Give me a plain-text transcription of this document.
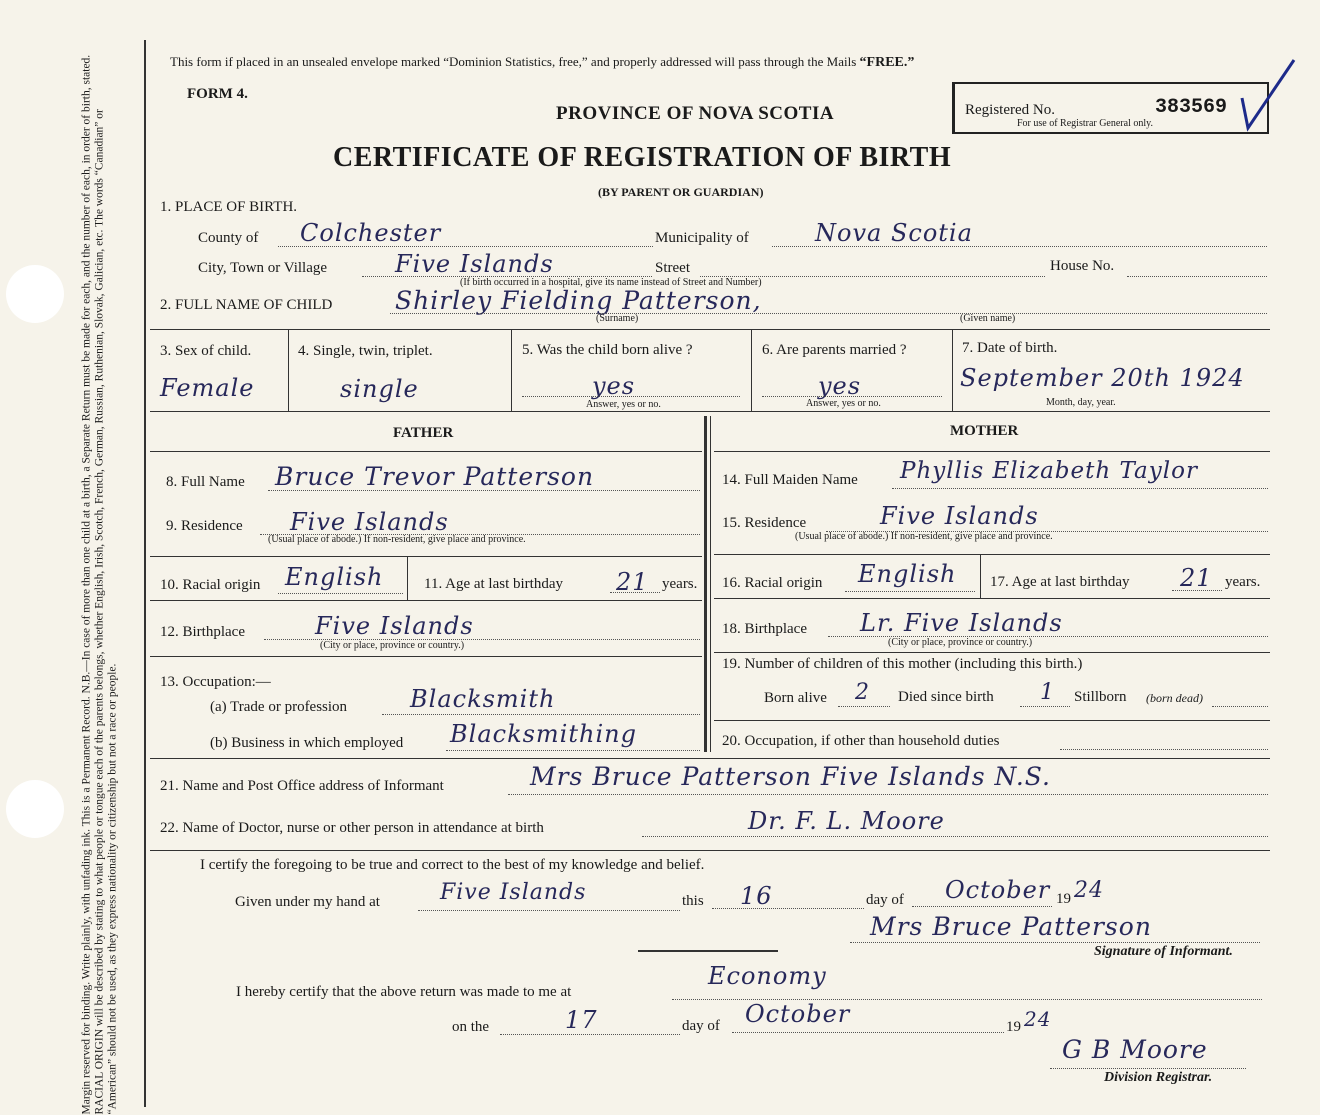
Margin reserved for binding. Write plainly, with unfading ink. This is a Permanent Record. N.B.—In case of more than one child at a birth, a Separate Return must be made for each, and the number of each, in order of birth, stated. RACIAL ORIGIN will be described by stating to what people or tongue each of the parents belongs, whether English, Irish, Scotch, French, German, Russian, Ruthenian, Slovak, Galician, etc. The words “Canadian” or “American” should not be used, as they express nationality or citizenship but not a race or people.
This form if placed in an unsealed envelope marked “Dominion Statistics, free,” and properly addressed will pass through the Mails “FREE.”
FORM 4.
PROVINCE OF NOVA SCOTIA
CERTIFICATE OF REGISTRATION OF BIRTH
(BY PARENT OR GUARDIAN)
Registered No.	383569
For use of Registrar General only.
1. PLACE OF BIRTH.
County of Colchester	Municipality of	Nova Scotia
City, Town or Village	Five Islands	Street	House No.
(If birth occurred in a hospital, give its name instead of Street and Number)
2. FULL NAME OF CHILD	Shirley Fielding Patterson,
(Surname)	(Given name)
3. Sex of child.	4. Single, twin, triplet.	5. Was the child born alive ?	6. Are parents married ?	7. Date of birth.
Female	single	yes	yes	September 20th 1924
Answer, yes or no.	Answer, yes or no.	Month, day, year.
FATHER	MOTHER
8. Full Name Bruce Trevor Patterson
9. Residence Five Islands
(Usual place of abode.) If non-resident, give place and province.
10. Racial origin English	11. Age at last birthday 21 years.
12. Birthplace	Five Islands
(City or place, province or country.)
13. Occupation:—
(a) Trade or profession	Blacksmith
(b) Business in which employed Blacksmithing
14. Full Maiden Name Phyllis Elizabeth Taylor
15. Residence	Five Islands
(Usual place of abode.) If non-resident, give place and province.
16. Racial origin English 17. Age at last birthday 21 years.
18. Birthplace Lr. Five Islands
(City or place, province or country.)
19. Number of children of this mother (including this birth.)
Born alive 2 Died since birth 1 Stillborn (born dead)
20. Occupation, if other than household duties
21. Name and Post Office address of Informant	Mrs Bruce Patterson Five Islands N.S.
22. Name of Doctor, nurse or other person in attendance at birth	Dr. F. L. Moore
I certify the foregoing to be true and correct to the best of my knowledge and belief.
Given under my hand at	Five Islands	this 16	day of October 19 24
Mrs Bruce Patterson
Signature of Informant.
I hereby certify that the above return was made to me at
Economy
on the	17	day of October	19 24
G B Moore
Division Registrar.
